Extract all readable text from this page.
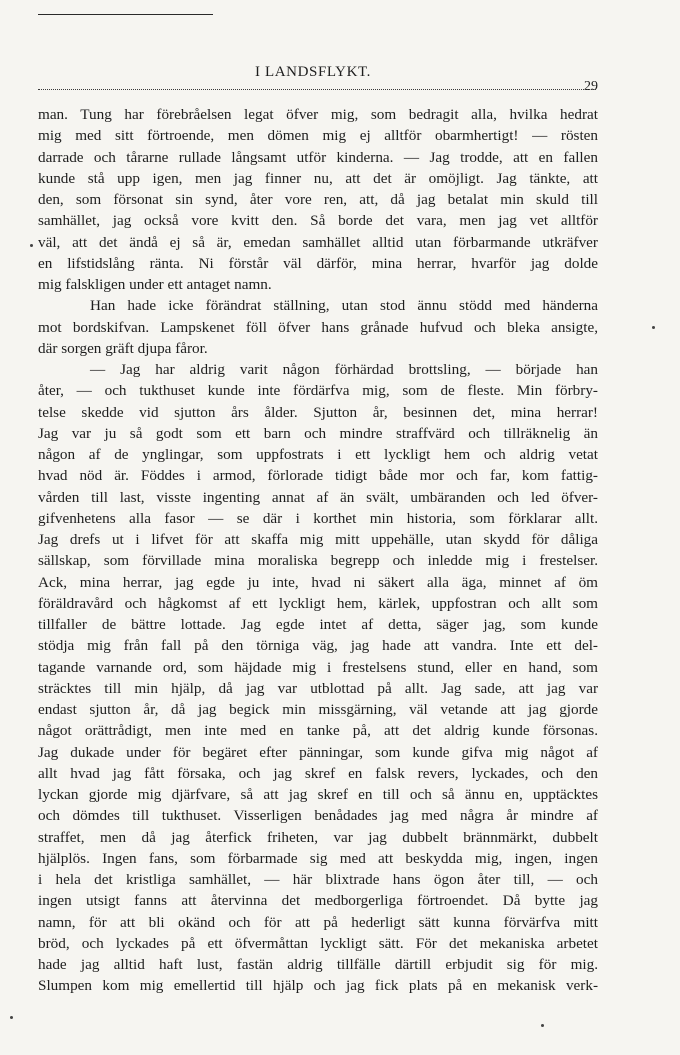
I LANDSFLYKT.
29
man. Tung har förebråelsen legat öfver mig, som bedragit alla, hvilka hedrat
mig med sitt förtroende, men dömen mig ej alltför obarmhertigt! — rösten
darrade och tårarne rullade långsamt utför kinderna. — Jag trodde, att en fallen
kunde stå upp igen, men jag finner nu, att det är omöjligt. Jag tänkte, att
den, som försonat sin synd, åter vore ren, att, då jag betalat min skuld till
samhället, jag också vore kvitt den. Så borde det vara, men jag vet alltför
väl, att det ändå ej så är, emedan samhället alltid utan förbarmande utkräfver
en lifstidslång ränta. Ni förstår väl därför, mina herrar, hvarför jag dolde
mig falskligen under ett antaget namn.
Han hade icke förändrat ställning, utan stod ännu stödd med händerna
mot bordskifvan. Lampskenet föll öfver hans grånade hufvud och bleka ansigte,
där sorgen gräft djupa fåror.
— Jag har aldrig varit någon förhärdad brottsling, — började han
åter, — och tukthuset kunde inte fördärfva mig, som de fleste. Min förbry-
telse skedde vid sjutton års ålder. Sjutton år, besinnen det, mina herrar!
Jag var ju så godt som ett barn och mindre straffvärd och tillräknelig än
någon af de ynglingar, som uppfostrats i ett lyckligt hem och aldrig vetat
hvad nöd är. Föddes i armod, förlorade tidigt både mor och far, kom fattig-
vården till last, visste ingenting annat af än svält, umbäranden och led öfver-
gifvenhetens alla fasor — se där i korthet min historia, som förklarar allt.
Jag drefs ut i lifvet för att skaffa mig mitt uppehälle, utan skydd för dåliga
sällskap, som förvillade mina moraliska begrepp och inledde mig i frestelser.
Ack, mina herrar, jag egde ju inte, hvad ni säkert alla äga, minnet af öm
föräldravård och hågkomst af ett lyckligt hem, kärlek, uppfostran och allt som
tillfaller de bättre lottade. Jag egde intet af detta, säger jag, som kunde
stödja mig från fall på den törniga väg, jag hade att vandra. Inte ett del-
tagande varnande ord, som häjdade mig i frestelsens stund, eller en hand, som
sträcktes till min hjälp, då jag var utblottad på allt. Jag sade, att jag var
endast sjutton år, då jag begick min missgärning, väl vetande att jag gjorde
något orättrådigt, men inte med en tanke på, att det aldrig kunde försonas.
Jag dukade under för begäret efter pänningar, som kunde gifva mig något af
allt hvad jag fått försaka, och jag skref en falsk revers, lyckades, och den
lyckan gjorde mig djärfvare, så att jag skref en till och så ännu en, upptäcktes
och dömdes till tukthuset. Visserligen benådades jag med några år mindre af
straffet, men då jag återfick friheten, var jag dubbelt brännmärkt, dubbelt
hjälplös. Ingen fans, som förbarmade sig med att beskydda mig, ingen, ingen
i hela det kristliga samhället, — här blixtrade hans ögon åter till, — och
ingen utsigt fanns att återvinna det medborgerliga förtroendet. Då bytte jag
namn, för att bli okänd och för att på hederligt sätt kunna förvärfva mitt
bröd, och lyckades på ett öfvermåttan lyckligt sätt. För det mekaniska arbetet
hade jag alltid haft lust, fastän aldrig tillfälle därtill erbjudit sig för mig.
Slumpen kom mig emellertid till hjälp och jag fick plats på en mekanisk verk-
